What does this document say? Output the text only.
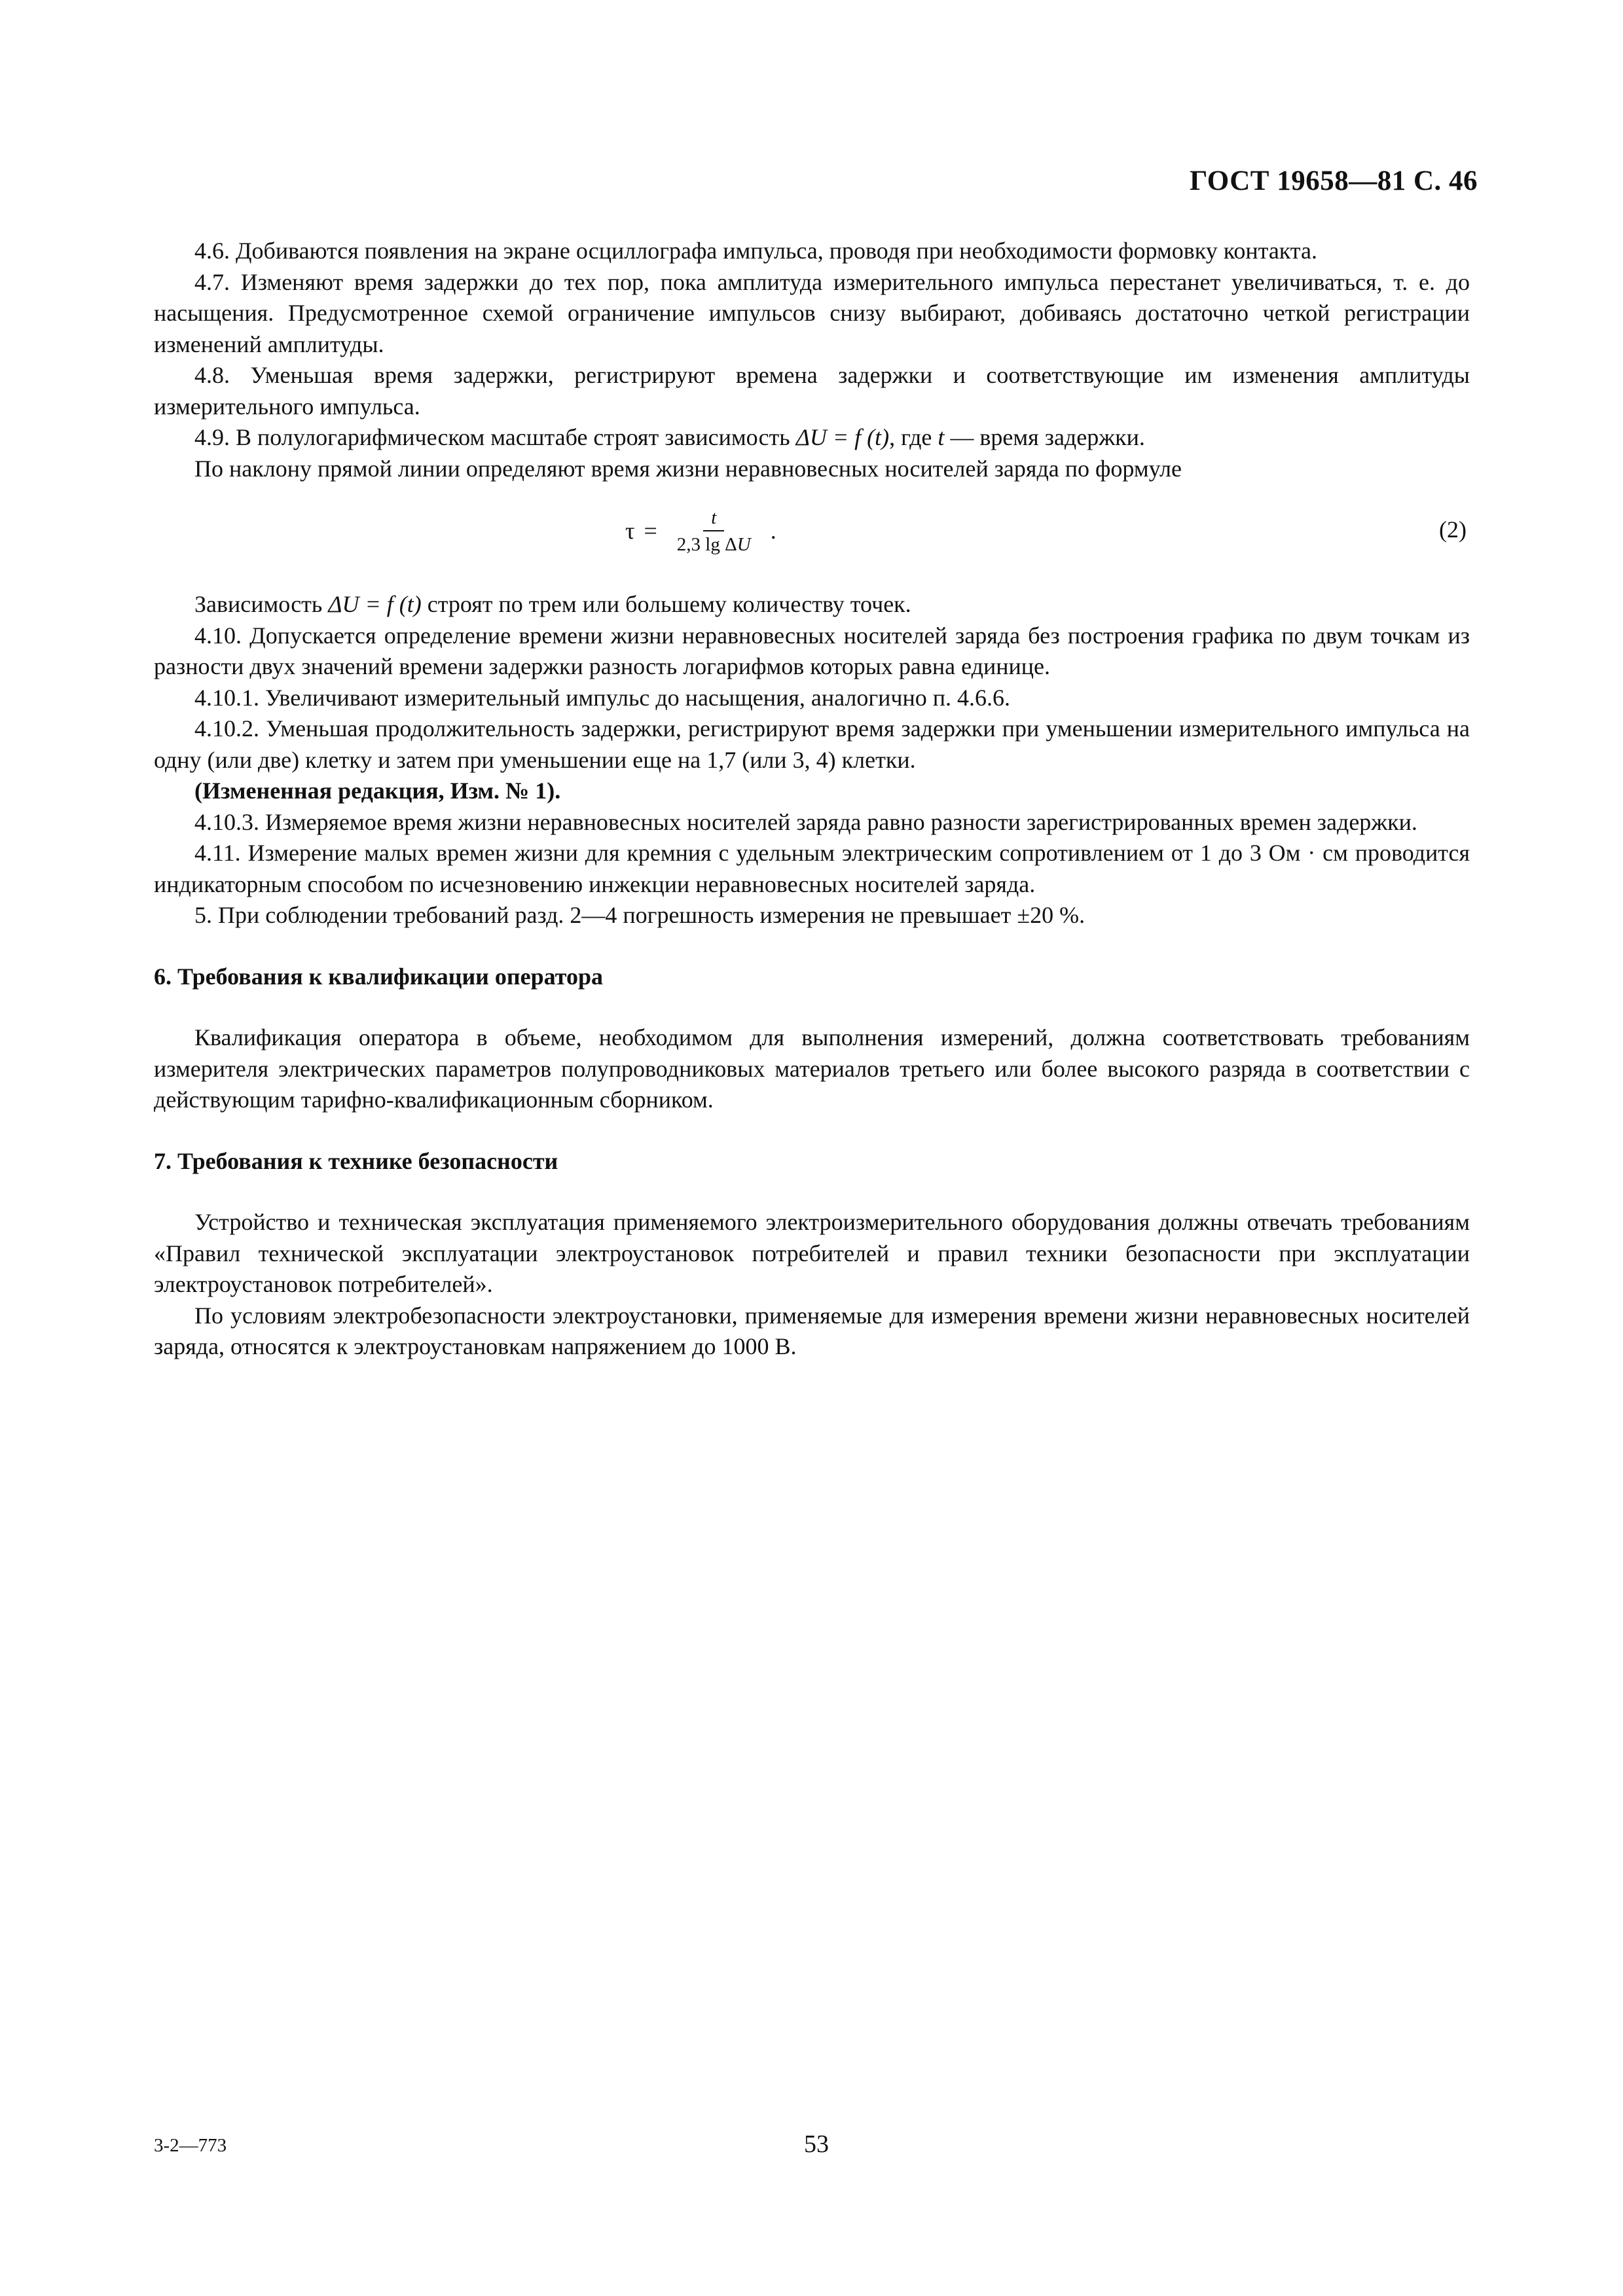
ГОСТ 19658—81 С. 46

4.6. Добиваются появления на экране осциллографа импульса, проводя при необходимости формовку контакта.

4.7. Изменяют время задержки до тех пор, пока амплитуда измерительного импульса перестанет увеличиваться, т. е. до насыщения. Предусмотренное схемой ограничение импульсов снизу выбирают, добиваясь достаточно четкой регистрации изменений амплитуды.

4.8. Уменьшая время задержки, регистрируют времена задержки и соответствующие им изменения амплитуды измерительного импульса.

4.9. В полулогарифмическом масштабе строят зависимость ΔU = f (t), где t — время задержки.

По наклону прямой линии определяют время жизни неравновесных носителей заряда по формуле

$\tau = \frac{t}{\text{2,3 lg ΔU}}$ .	(2)

Зависимость ΔU = f (t) строят по трем или большему количеству точек.

4.10. Допускается определение времени жизни неравновесных носителей заряда без построения графика по двум точкам из разности двух значений времени задержки разность логарифмов которых равна единице.

4.10.1. Увеличивают измерительный импульс до насыщения, аналогично п. 4.6.6.

4.10.2. Уменьшая продолжительность задержки, регистрируют время задержки при уменьшении измерительного импульса на одну (или две) клетку и затем при уменьшении еще на 1,7 (или 3, 4) клетки.

(Измененная редакция, Изм. № 1).

4.10.3. Измеряемое время жизни неравновесных носителей заряда равно разности зарегистрированных времен задержки.

4.11. Измерение малых времен жизни для кремния с удельным электрическим сопротивлением от 1 до 3 Ом · см проводится индикаторным способом по исчезновению инжекции неравновесных носителей заряда.

5. При соблюдении требований разд. 2—4 погрешность измерения не превышает ±20 %.

6. Требования к квалификации оператора

Квалификация оператора в объеме, необходимом для выполнения измерений, должна соответствовать требованиям измерителя электрических параметров полупроводниковых материалов третьего или более высокого разряда в соответствии с действующим тарифно-квалификационным сборником.

7. Требования к технике безопасности

Устройство и техническая эксплуатация применяемого электроизмерительного оборудования должны отвечать требованиям «Правил технической эксплуатации электроустановок потребителей и правил техники безопасности при эксплуатации электроустановок потребителей».

По условиям электробезопасности электроустановки, применяемые для измерения времени жизни неравновесных носителей заряда, относятся к электроустановкам напряжением до 1000 В.

3-2—773	53
